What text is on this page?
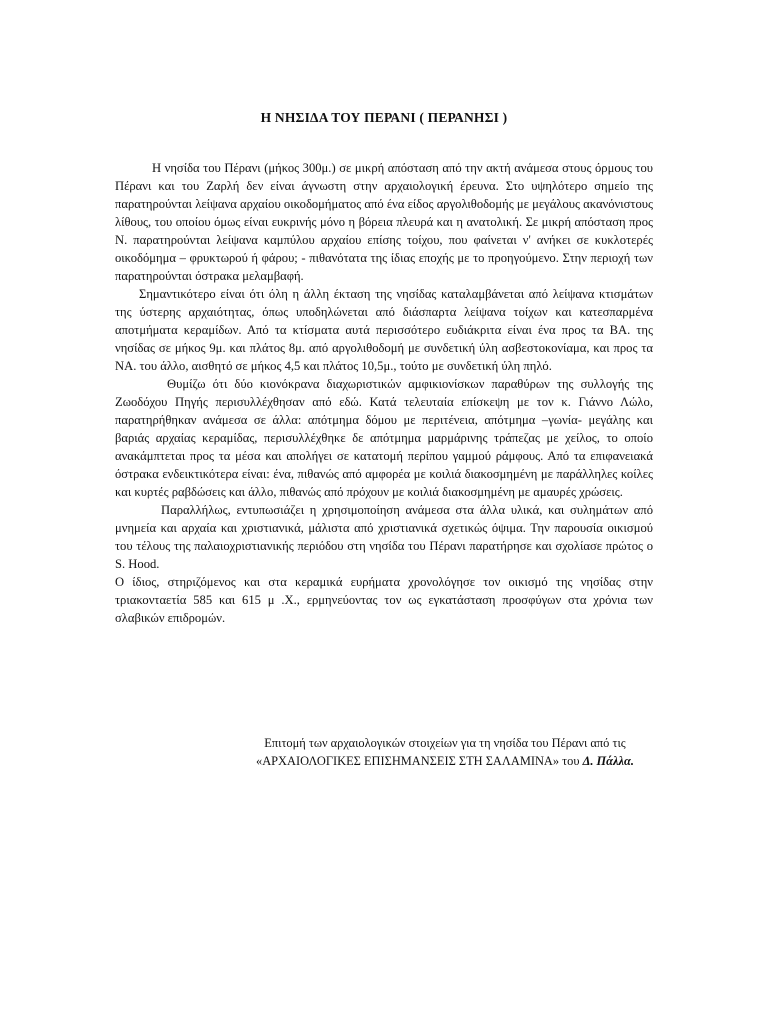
Η ΝΗΣΙΔΑ ΤΟΥ ΠΕΡΑΝΙ ( ΠΕΡΑΝΗΣΙ )

Η νησίδα του Πέρανι (μήκος 300μ.) σε μικρή απόσταση από την ακτή ανάμεσα στους όρμους του Πέρανι και του Ζαρλή δεν είναι άγνωστη στην αρχαιολογική έρευνα. Στο υψηλότερο σημείο της παρατηρούνται λείψανα αρχαίου οικοδομήματος από ένα είδος αργολιθοδομής με μεγάλους ακανόνιστους λίθους, του οποίου όμως είναι ευκρινής μόνο η βόρεια πλευρά και η ανατολική. Σε μικρή απόσταση προς Ν. παρατηρούνται λείψανα καμπύλου αρχαίου επίσης τοίχου, που φαίνεται ν' ανήκει σε κυκλοτερές οικοδόμημα – φρυκτωρού ή φάρου; - πιθανότατα της ίδιας εποχής με το προηγούμενο. Στην περιοχή των παρατηρούνται όστρακα μελαμβαφή.

Σημαντικότερο είναι ότι όλη η άλλη έκταση της νησίδας καταλαμβάνεται από λείψανα κτισμάτων της ύστερης αρχαιότητας, όπως υποδηλώνεται από διάσπαρτα λείψανα τοίχων και κατεσπαρμένα αποτμήματα κεραμίδων. Από τα κτίσματα αυτά περισσότερο ευδιάκριτα είναι ένα προς τα ΒΑ. της νησίδας σε μήκος 9μ. και πλάτος 8μ. από αργολιθοδομή με συνδετική ύλη ασβεστοκονίαμα, και προς τα ΝΑ. του άλλο, αισθητό σε μήκος 4,5 και πλάτος 10,5μ., τούτο με συνδετική ύλη πηλό.

Θυμίζω ότι δύο κιονόκρανα διαχωριστικών αμφικιονίσκων παραθύρων της συλλογής της Ζωοδόχου Πηγής περισυλλέχθησαν από εδώ. Κατά τελευταία επίσκεψη με τον κ. Γιάννο Λώλο, παρατηρήθηκαν ανάμεσα σε άλλα: απότμημα δόμου με περιτένεια, απότμημα –γωνία- μεγάλης και βαριάς αρχαίας κεραμίδας, περισυλλέχθηκε δε απότμημα μαρμάρινης τράπεζας με χείλος, το οποίο ανακάμπτεται προς τα μέσα και απολήγει σε κατατομή περίπου γαμμού ράμφους. Από τα επιφανειακά όστρακα ενδεικτικότερα είναι: ένα, πιθανώς από αμφορέα με κοιλιά διακοσμημένη με παράλληλες κοίλες και κυρτές ραβδώσεις και άλλο, πιθανώς από πρόχουν με κοιλιά διακοσμημένη με αμαυρές χρώσεις.

Παραλλήλως, εντυπωσιάζει η χρησιμοποίηση ανάμεσα στα άλλα υλικά, και συλημάτων από μνημεία και αρχαία και χριστιανικά, μάλιστα από χριστιανικά σχετικώς όψιμα. Την παρουσία οικισμού του τέλους της παλαιοχριστιανικής περιόδου στη νησίδα του Πέρανι παρατήρησε και σχολίασε πρώτος ο S. Hood.

Ο ίδιος, στηριζόμενος και στα κεραμικά ευρήματα χρονολόγησε τον οικισμό της νησίδας στην τριακονταετία 585 και 615 μ .Χ., ερμηνεύοντας τον ως εγκατάσταση προσφύγων στα χρόνια των σλαβικών επιδρομών.

Επιτομή των αρχαιολογικών στοιχείων για τη νησίδα του Πέρανι από τις
«ΑΡΧΑΙΟΛΟΓΙΚΕΣ ΕΠΙΣΗΜΑΝΣΕΙΣ ΣΤΗ ΣΑΛΑΜΙΝΑ» του Δ. Πάλλα.
